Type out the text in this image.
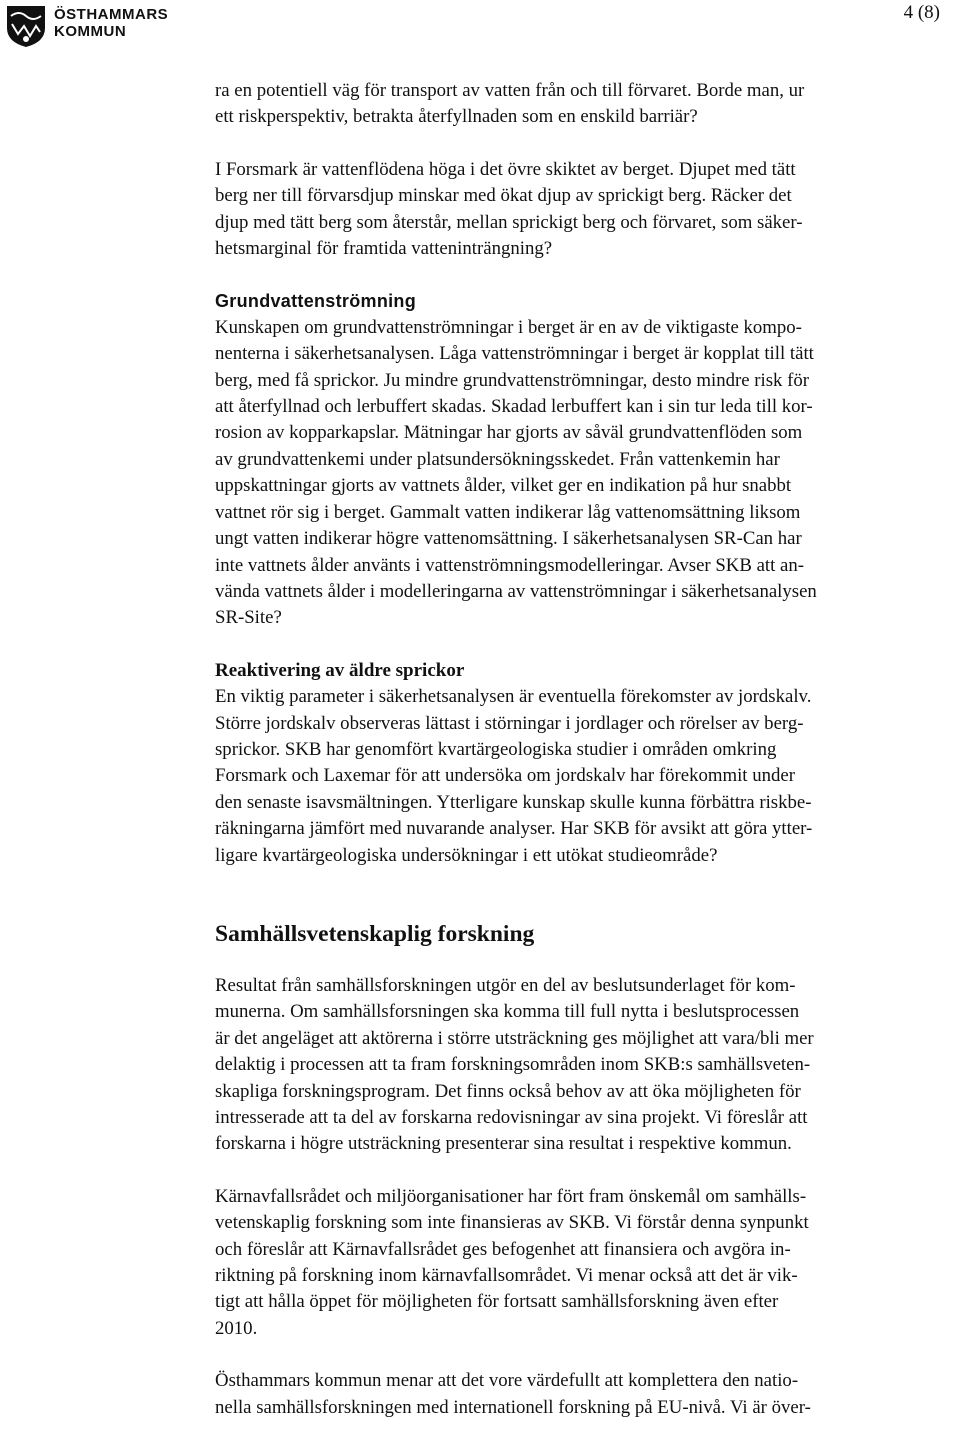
ÖSTHAMMARS
KOMMUN
4 (8)

ra en potentiell väg för transport av vatten från och till förvaret. Borde man, ur
ett riskperspektiv, betrakta återfyllnaden som en enskild barriär?

I Forsmark är vattenflödena höga i det övre skiktet av berget. Djupet med tätt
berg ner till förvarsdjup minskar med ökat djup av sprickigt berg. Räcker det
djup med tätt berg som återstår, mellan sprickigt berg och förvaret, som säker-
hetsmarginal för framtida vatteninträngning?

Grundvattenströmning

Kunskapen om grundvattenströmningar i berget är en av de viktigaste kompo-
nenterna i säkerhetsanalysen. Låga vattenströmningar i berget är kopplat till tätt
berg, med få sprickor. Ju mindre grundvattenströmningar, desto mindre risk för
att återfyllnad och lerbuffert skadas. Skadad lerbuffert kan i sin tur leda till kor-
rosion av kopparkapslar. Mätningar har gjorts av såväl grundvattenflöden som
av grundvattenkemi under platsundersökningsskedet. Från vattenkemin har
uppskattningar gjorts av vattnets ålder, vilket ger en indikation på hur snabbt
vattnet rör sig i berget. Gammalt vatten indikerar låg vattenomsättning liksom
ungt vatten indikerar högre vattenomsättning. I säkerhetsanalysen SR-Can har
inte vattnets ålder använts i vattenströmningsmodelleringar. Avser SKB att an-
vända vattnets ålder i modelleringarna av vattenströmningar i säkerhetsanalysen
SR-Site?

Reaktivering av äldre sprickor

En viktig parameter i säkerhetsanalysen är eventuella förekomster av jordskalv.
Större jordskalv observeras lättast i störningar i jordlager och rörelser av berg-
sprickor. SKB har genomfört kvartärgeologiska studier i områden omkring
Forsmark och Laxemar för att undersöka om jordskalv har förekommit under
den senaste isavsmältningen. Ytterligare kunskap skulle kunna förbättra riskbe-
räkningarna jämfört med nuvarande analyser. Har SKB för avsikt att göra ytter-
ligare kvartärgeologiska undersökningar i ett utökat studieområde?

Samhällsvetenskaplig forskning

Resultat från samhällsforskningen utgör en del av beslutsunderlaget för kom-
munerna. Om samhällsforsningen ska komma till full nytta i beslutsprocessen
är det angeläget att aktörerna i större utsträckning ges möjlighet att vara/bli mer
delaktig i processen att ta fram forskningsområden inom SKB:s samhällsveten-
skapliga forskningsprogram. Det finns också behov av att öka möjligheten för
intresserade att ta del av forskarna redovisningar av sina projekt. Vi föreslår att
forskarna i högre utsträckning presenterar sina resultat i respektive kommun.

Kärnavfallsrådet och miljöorganisationer har fört fram önskemål om samhälls-
vetenskaplig forskning som inte finansieras av SKB. Vi förstår denna synpunkt
och föreslår att Kärnavfallsrådet ges befogenhet att finansiera och avgöra in-
riktning på forskning inom kärnavfallsområdet. Vi menar också att det är vik-
tigt att hålla öppet för möjligheten för fortsatt samhällsforskning även efter
2010.

Östhammars kommun menar att det vore värdefullt att komplettera den natio-
nella samhällsforskningen med internationell forskning på EU-nivå. Vi är över-
